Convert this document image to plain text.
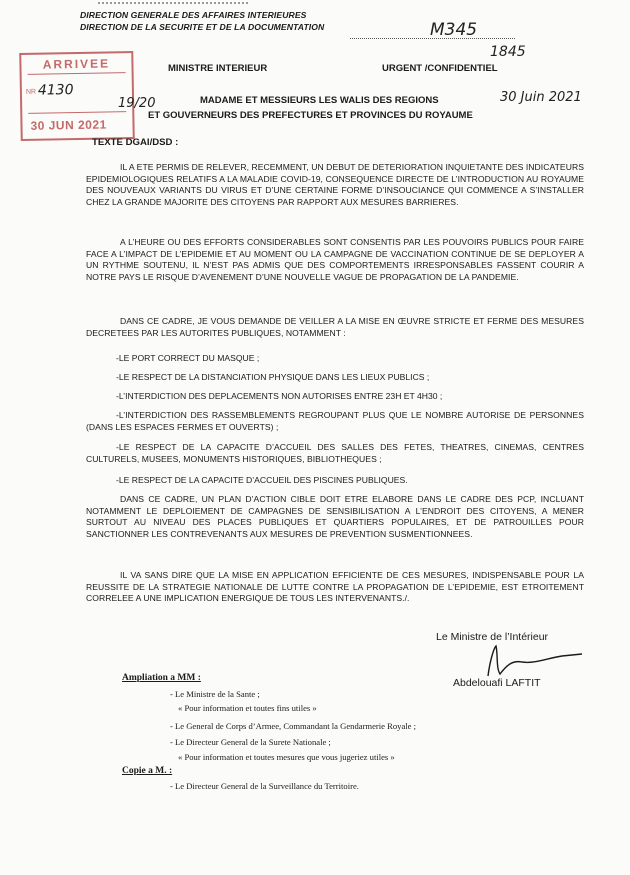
DIRECTION GENERALE DES AFFAIRES INTERIEURES
DIRECTION DE LA SECURITE ET DE LA DOCUMENTATION	M345
1845
ARRIVEE
NR 4130
30 JUN 2021
19/20
MINISTRE INTERIEUR	URGENT /CONFIDENTIEL
MADAME ET MESSIEURS LES WALIS DES REGIONS
ET GOUVERNEURS DES PREFECTURES ET PROVINCES DU ROYAUME
30 Juin 2021
TEXTE DGAI/DSD :

IL A ETE PERMIS DE RELEVER, RECEMMENT, UN DEBUT DE DETERIORATION INQUIETANTE DES INDICATEURS EPIDEMIOLOGIQUES RELATIFS A LA MALADIE COVID-19, CONSEQUENCE DIRECTE DE L’INTRODUCTION AU ROYAUME DES NOUVEAUX VARIANTS DU VIRUS ET D’UNE CERTAINE FORME D’INSOUCIANCE QUI COMMENCE A S’INSTALLER CHEZ LA GRANDE MAJORITE DES CITOYENS PAR RAPPORT AUX MESURES BARRIERES.

A L’HEURE OU DES EFFORTS CONSIDERABLES SONT CONSENTIS PAR LES POUVOIRS PUBLICS POUR FAIRE FACE A L’IMPACT DE L’EPIDEMIE ET AU MOMENT OU LA CAMPAGNE DE VACCINATION CONTINUE DE SE DEPLOYER A UN RYTHME SOUTENU, IL N’EST PAS ADMIS QUE DES COMPORTEMENTS IRRESPONSABLES FASSENT COURIR A NOTRE PAYS LE RISQUE D’AVENEMENT D’UNE NOUVELLE VAGUE DE PROPAGATION DE LA PANDEMIE.

DANS CE CADRE, JE VOUS DEMANDE DE VEILLER A LA MISE EN ŒUVRE STRICTE ET FERME DES MESURES DECRETEES PAR LES AUTORITES PUBLIQUES, NOTAMMENT :

-LE PORT CORRECT DU MASQUE ;
-LE RESPECT DE LA DISTANCIATION PHYSIQUE DANS LES LIEUX PUBLICS ;
-L’INTERDICTION DES DEPLACEMENTS NON AUTORISES ENTRE 23H ET 4H30 ;

-L’INTERDICTION DES RASSEMBLEMENTS REGROUPANT PLUS QUE LE NOMBRE AUTORISE DE PERSONNES (DANS LES ESPACES FERMES ET OUVERTS) ;

-LE RESPECT DE LA CAPACITE D’ACCUEIL DES SALLES DES FETES, THEATRES, CINEMAS, CENTRES CULTURELS, MUSEES, MONUMENTS HISTORIQUES, BIBLIOTHEQUES ;

-LE RESPECT DE LA CAPACITE D’ACCUEIL DES PISCINES PUBLIQUES.

DANS CE CADRE, UN PLAN D’ACTION CIBLE DOIT ETRE ELABORE DANS LE CADRE DES PCP, INCLUANT NOTAMMENT LE DEPLOIEMENT DE CAMPAGNES DE SENSIBILISATION A L’ENDROIT DES CITOYENS, A MENER SURTOUT AU NIVEAU DES PLACES PUBLIQUES ET QUARTIERS POPULAIRES, ET DE PATROUILLES POUR SANCTIONNER LES CONTREVENANTS AUX MESURES DE PREVENTION SUSMENTIONNEES.

IL VA SANS DIRE QUE LA MISE EN APPLICATION EFFICIENTE DE CES MESURES, INDISPENSABLE POUR LA REUSSITE DE LA STRATEGIE NATIONALE DE LUTTE CONTRE LA PROPAGATION DE L’EPIDEMIE, EST ETROITEMENT CORRELEE A UNE IMPLICATION ENERGIQUE DE TOUS LES INTERVENANTS./.

Le Ministre de l’Intérieur
Abdelouafi LAFTIT
Ampliation a MM :
- Le Ministre de la Sante ;
« Pour information et toutes fins utiles »
- Le General de Corps d’Armee, Commandant la Gendarmerie Royale ;
- Le Directeur General de la Surete Nationale ;
« Pour information et toutes mesures que vous jugeriez utiles »
Copie a M. :
- Le Directeur General de la Surveillance du Territoire.
